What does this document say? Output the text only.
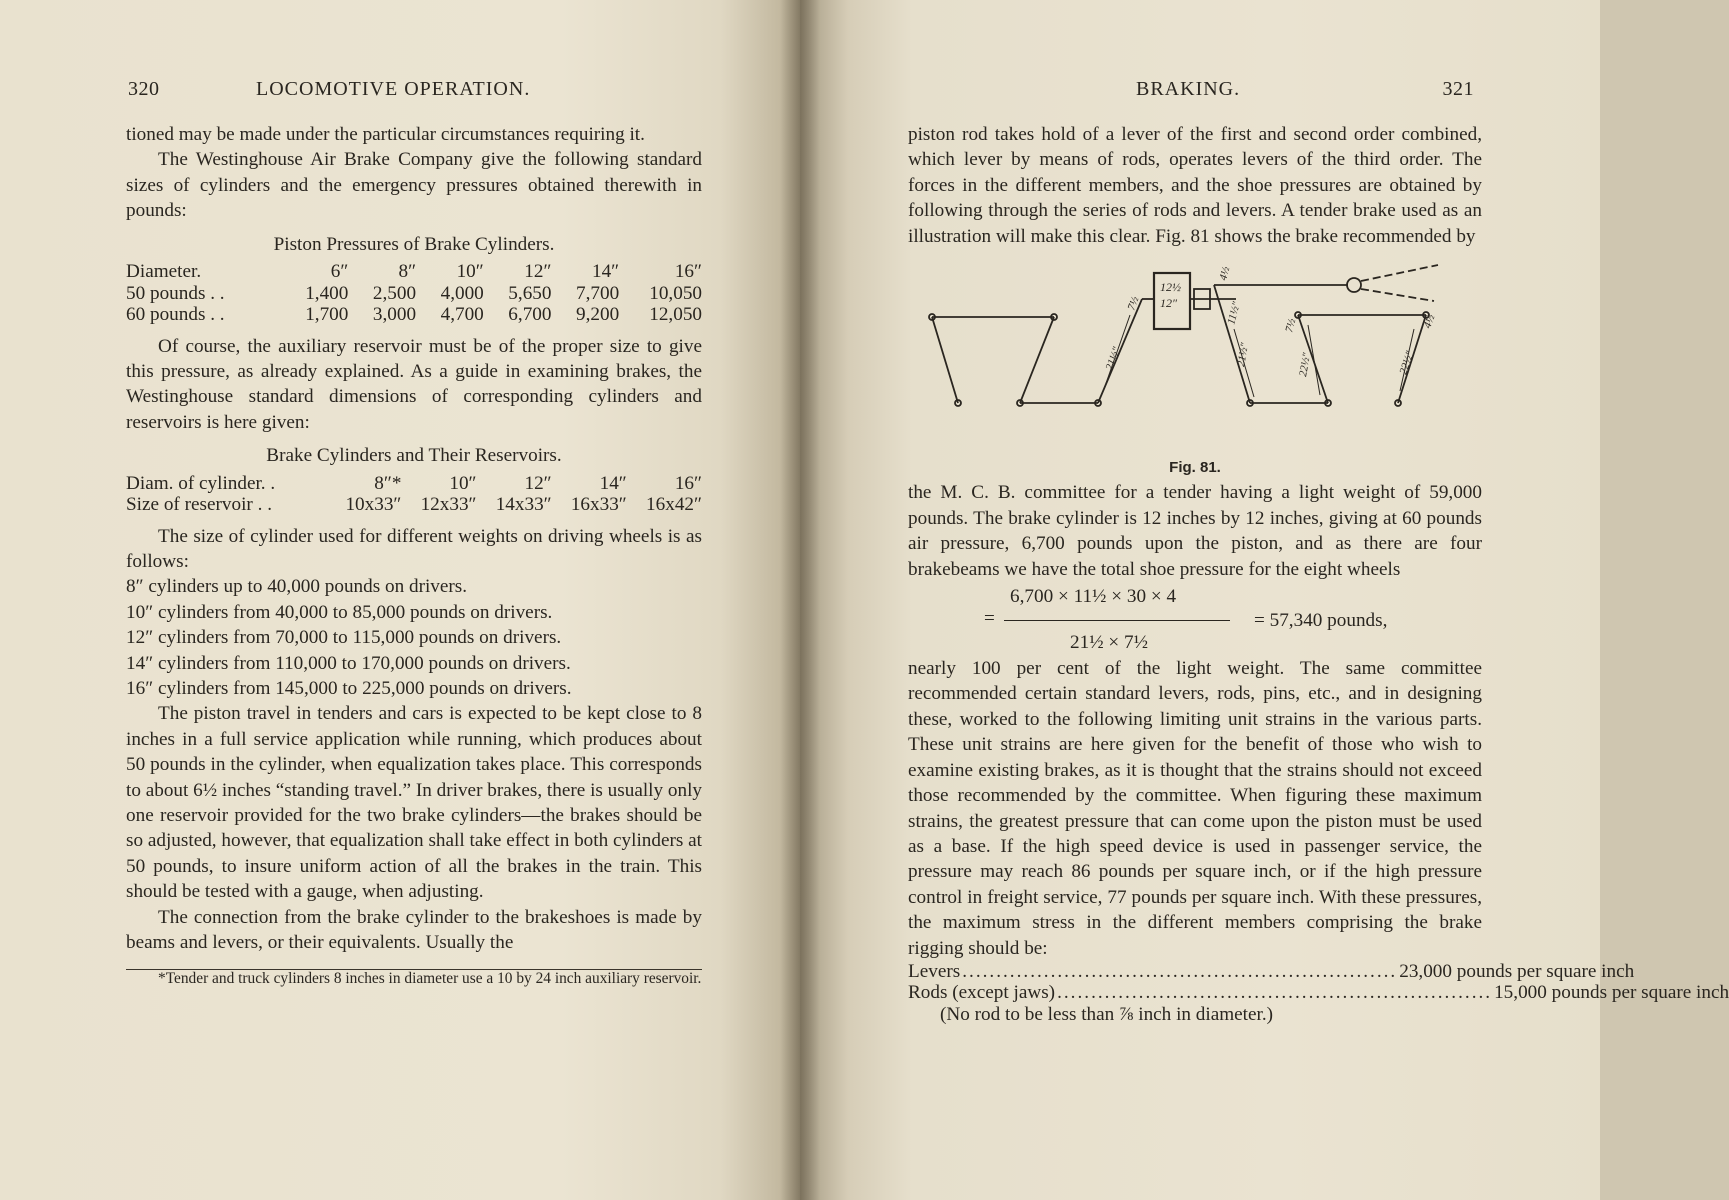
320	LOCOMOTIVE OPERATION.

tioned may be made under the particular circumstances requiring it.

The Westinghouse Air Brake Company give the following standard sizes of cylinders and the emergency pressures obtained therewith in pounds:

Piston Pressures of Brake Cylinders.

Diameter.	6″	8″	10″	12″	14″	16″
50 pounds . .	1,400	2,500	4,000	5,650	7,700	10,050
60 pounds . .	1,700	3,000	4,700	6,700	9,200	12,050

Of course, the auxiliary reservoir must be of the proper size to give this pressure, as already explained. As a guide in examining brakes, the Westinghouse standard dimensions of corresponding cylinders and reservoirs is here given:

Brake Cylinders and Their Reservoirs.

Diam. of cylinder. .	8″*	10″	12″	14″	16″
Size of reservoir . .	10x33″	12x33″	14x33″	16x33″	16x42″

The size of cylinder used for different weights on driving wheels is as follows:

8″ cylinders up to 40,000 pounds on drivers.

10″ cylinders from 40,000 to 85,000 pounds on drivers.

12″ cylinders from 70,000 to 115,000 pounds on drivers.

14″ cylinders from 110,000 to 170,000 pounds on drivers.

16″ cylinders from 145,000 to 225,000 pounds on drivers.

The piston travel in tenders and cars is expected to be kept close to 8 inches in a full service application while running, which produces about 50 pounds in the cylinder, when equalization takes place. This corresponds to about 6½ inches “standing travel.” In driver brakes, there is usually only one reservoir provided for the two brake cylinders—the brakes should be so adjusted, however, that equalization shall take effect in both cylinders at 50 pounds, to insure uniform action of all the brakes in the train. This should be tested with a gauge, when adjusting.

The connection from the brake cylinder to the brakeshoes is made by beams and levers, or their equivalents. Usually the

*Tender and truck cylinders 8 inches in diameter use a 10 by 24 inch auxiliary reservoir.

BRAKING.	321

piston rod takes hold of a lever of the first and second order combined, which lever by means of rods, operates levers of the third order. The forces in the different members, and the shoe pressures are obtained by following through the series of rods and levers. A tender brake used as an illustration will make this clear. Fig. 81 shows the brake recommended by

12½
12″
4½
7½
21½″
11½″
21½″
7½
22½″
4½
22½″

Fig. 81.

the M. C. B. committee for a tender having a light weight of 59,000 pounds. The brake cylinder is 12 inches by 12 inches, giving at 60 pounds air pressure, 6,700 pounds upon the piston, and as there are four brakebeams we have the total shoe pressure for the eight wheels

6,700 × 11½ × 30 × 4
=	= 57,340 pounds,
21½ × 7½

nearly 100 per cent of the light weight. The same committee recommended certain standard levers, rods, pins, etc., and in designing these, worked to the following limiting unit strains in the various parts. These unit strains are here given for the benefit of those who wish to examine existing brakes, as it is thought that the strains should not exceed those recommended by the committee. When figuring these maximum strains, the greatest pressure that can come upon the piston must be used as a base. If the high speed device is used in passenger service, the pressure may reach 86 pounds per square inch, or if the high pressure control in freight service, 77 pounds per square inch. With these pressures, the maximum stress in the different members comprising the brake rigging should be:

Levers ................................................................ 23,000 pounds per square inch
Rods (except jaws) ................................................................ 15,000 pounds per square inch

(No rod to be less than ⅞ inch in diameter.)
